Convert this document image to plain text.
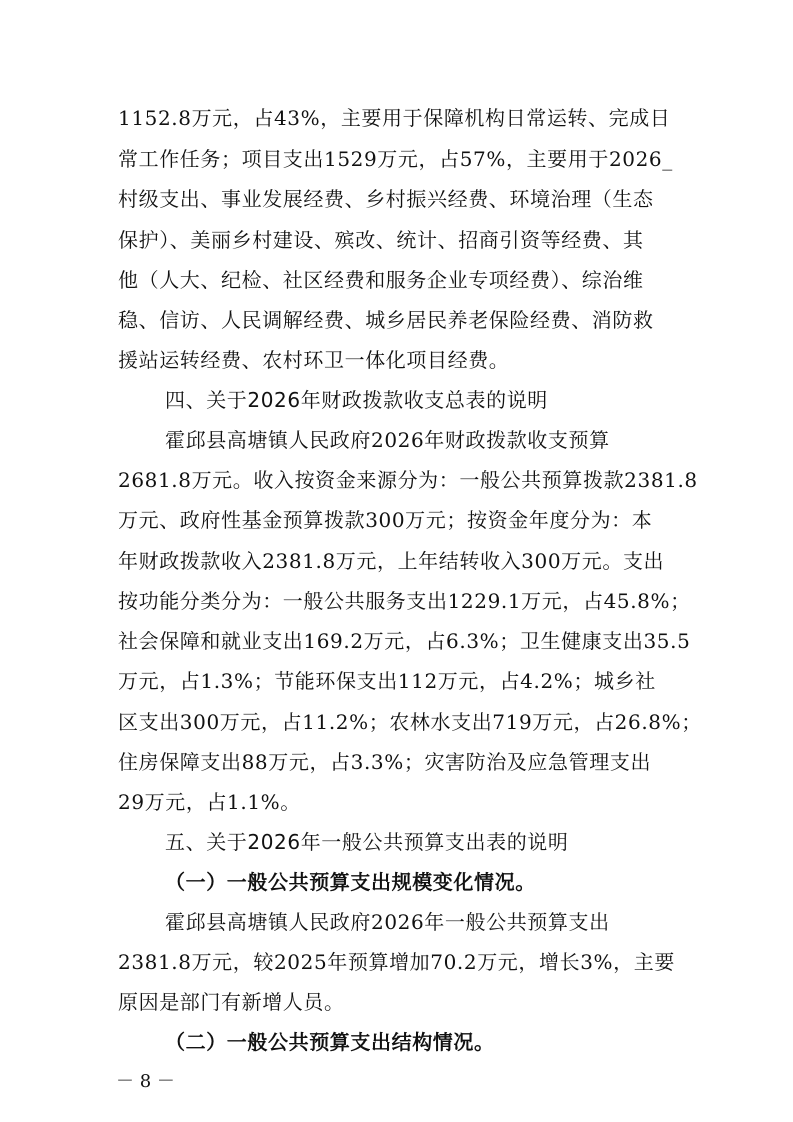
1152.8万元，占43%，主要用于保障机构日常运转、完成日
常工作任务；项目支出1529万元，占57%，主要用于2026_
村级支出、事业发展经费、乡村振兴经费、环境治理（生态
保护）、美丽乡村建设、殡改、统计、招商引资等经费、其
他（人大、纪检、社区经费和服务企业专项经费）、综治维
稳、信访、人民调解经费、城乡居民养老保险经费、消防救
援站运转经费、农村环卫一体化项目经费。
四、关于2026年财政拨款收支总表的说明
霍邱县高塘镇人民政府2026年财政拨款收支预算
2681.8万元。收入按资金来源分为：一般公共预算拨款2381.8
万元、政府性基金预算拨款300万元；按资金年度分为：本
年财政拨款收入2381.8万元，上年结转收入300万元。支出
按功能分类分为：一般公共服务支出1229.1万元，占45.8%；
社会保障和就业支出169.2万元，占6.3%；卫生健康支出35.5
万元，占1.3%；节能环保支出112万元，占4.2%；城乡社
区支出300万元，占11.2%；农林水支出719万元，占26.8%；
住房保障支出88万元，占3.3%；灾害防治及应急管理支出
29万元，占1.1%。
五、关于2026年一般公共预算支出表的说明
（一）一般公共预算支出规模变化情况。
霍邱县高塘镇人民政府2026年一般公共预算支出
2381.8万元，较2025年预算增加70.2万元，增长3%，主要
原因是部门有新增人员。
（二）一般公共预算支出结构情况。
－ 8 －
